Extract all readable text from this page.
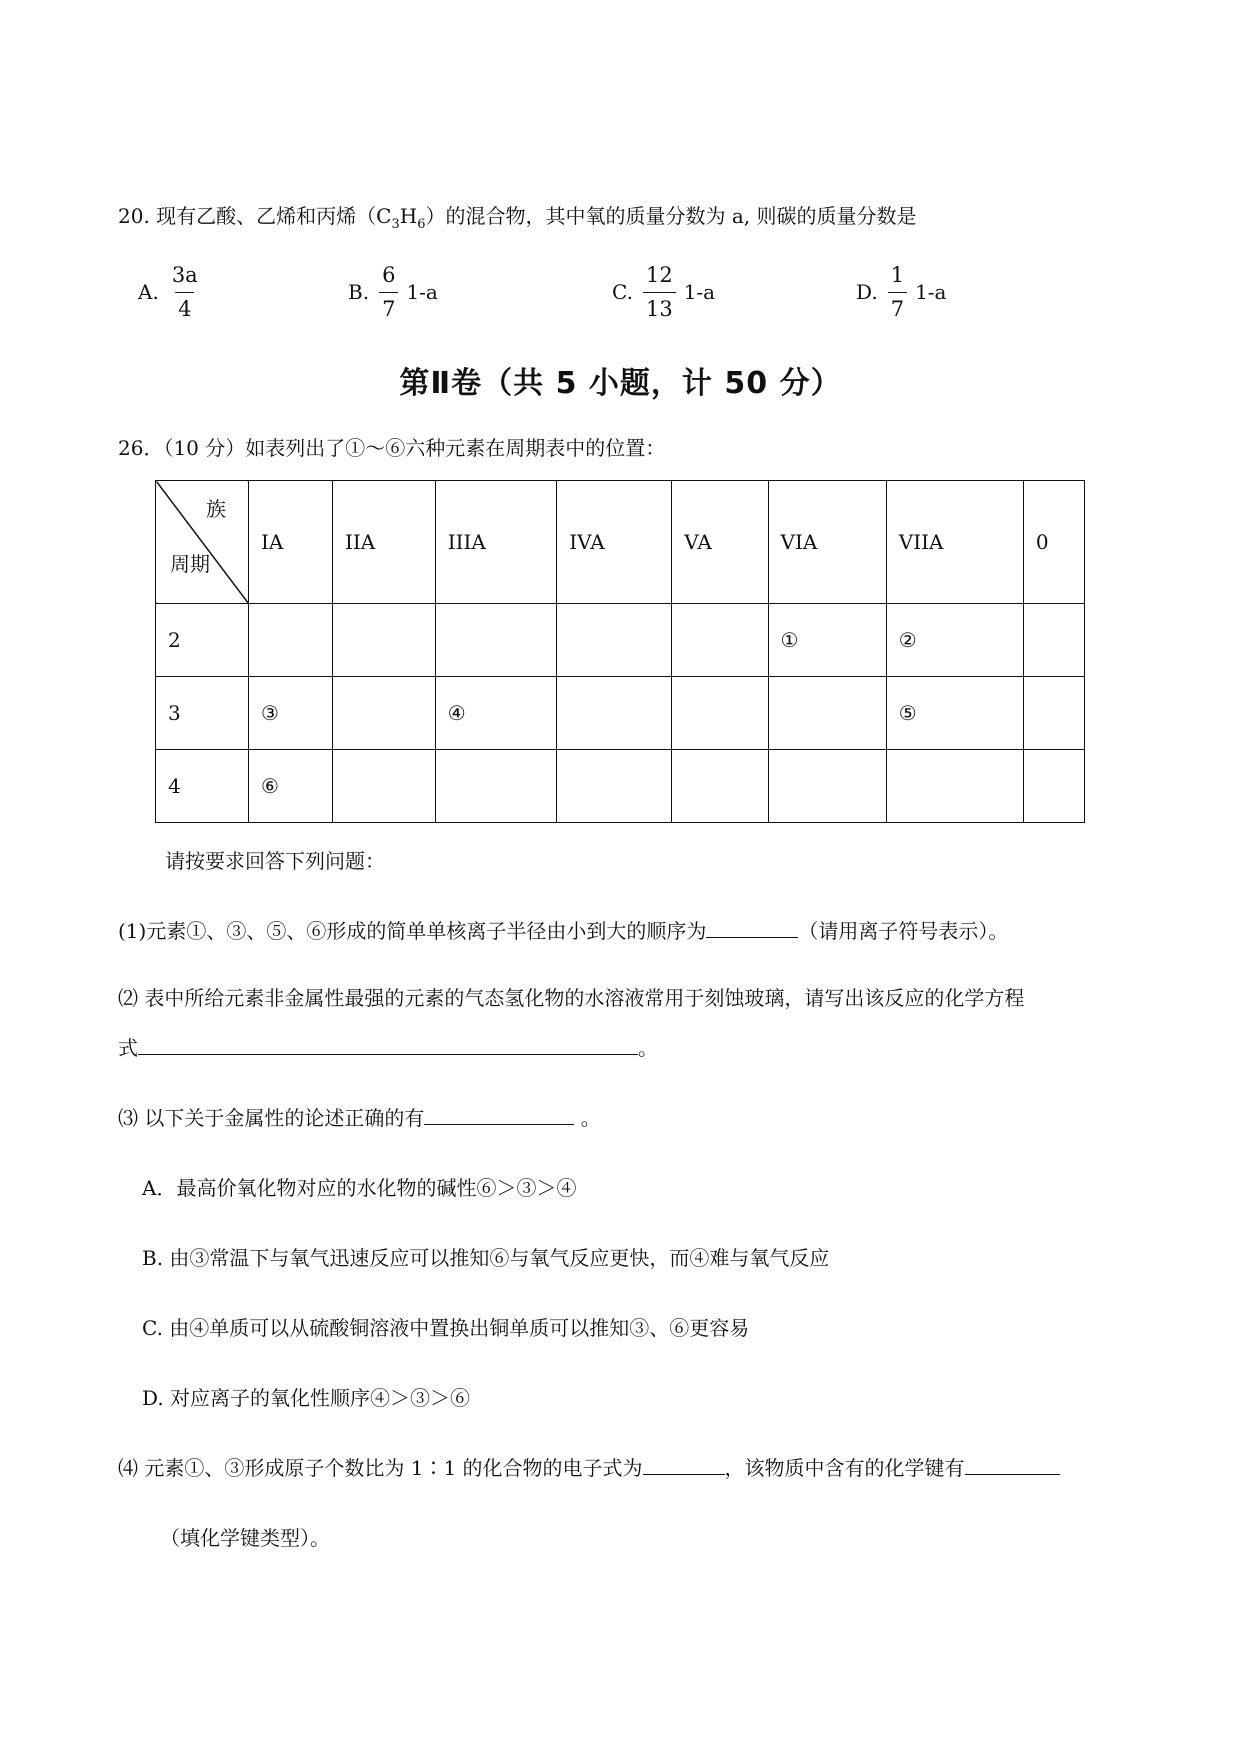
20. 现有乙酸、乙烯和丙烯$(C_3H_6)$的混合物，其中氧的质量分数为 a, 则碳的质量分数是
A. $\frac{3a}{4}$	B. $\frac{6}{7} 1-a$	C. $\frac{12}{13} 1-a$	D. $\frac{1}{7} 1-a$
第Ⅱ卷（共 5 小题，计 50 分）
26．（10 分）如表列出了①～⑥六种元素在周期表中的位置：
族
周期	IA	IIA	IIIA	IVA	VA	VIA	VIIA	0
2						①	②	
3	③		④				⑤	
4	⑥							
请按要求回答下列问题：
(1)元素①、③、⑤、⑥形成的简单单核离子半径由小到大的顺序为	（请用离子符号表示）。
⑵ 表中所给元素非金属性最强的元素的气态氢化物的水溶液常用于刻蚀玻璃，请写出该反应的化学方程
式	。
⑶ 以下关于金属性的论述正确的有	。
A．最高价氧化物对应的水化物的碱性⑥＞③＞④
B. 由③常温下与氧气迅速反应可以推知⑥与氧气反应更快，而④难与氧气反应
C. 由④单质可以从硫酸铜溶液中置换出铜单质可以推知③、⑥更容易
D. 对应离子的氧化性顺序④＞③＞⑥
⑷ 元素①、③形成原子个数比为 1∶1 的化合物的电子式为	，该物质中含有的化学键有
（填化学键类型）。
